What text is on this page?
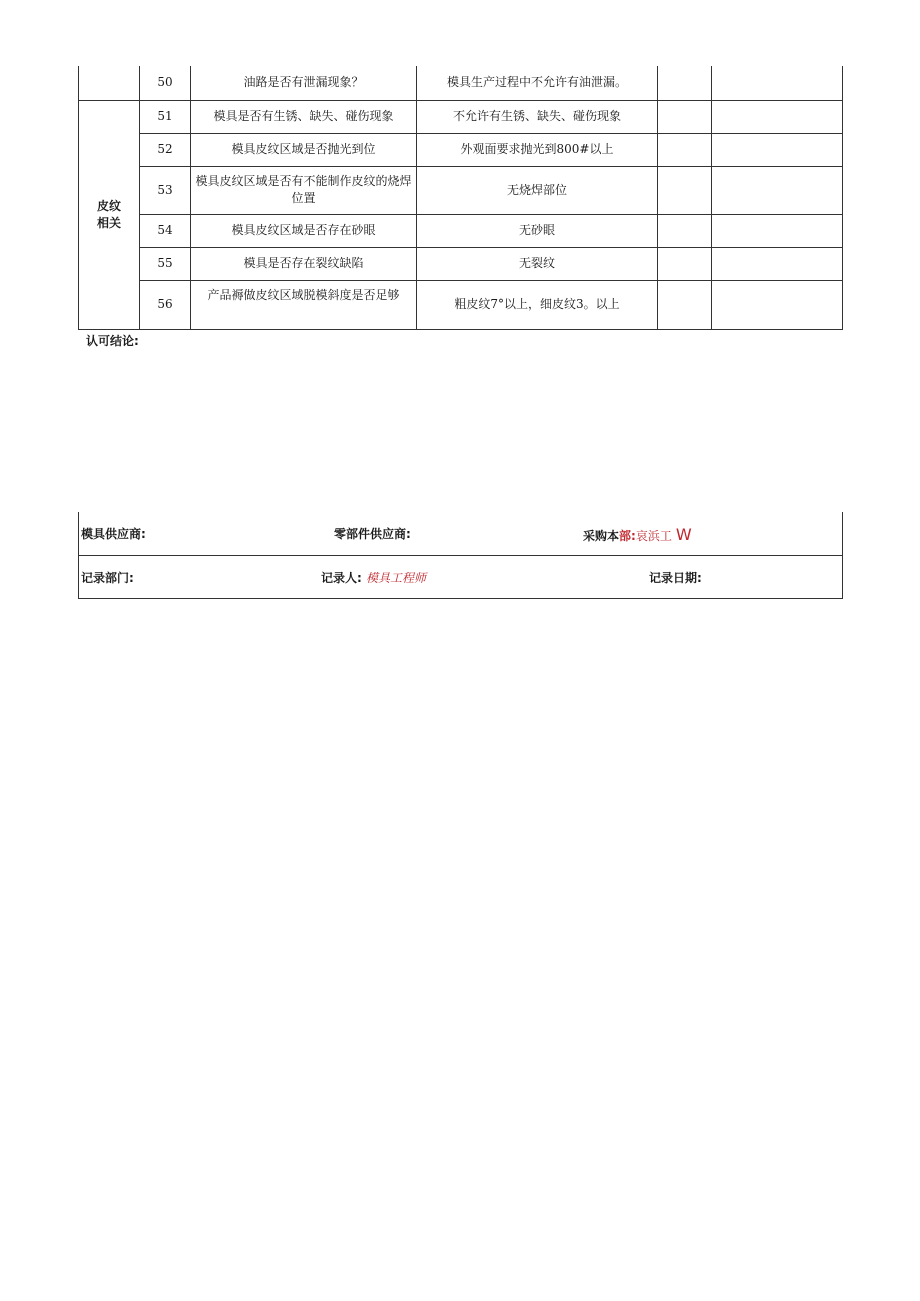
	50	油路是否有泄漏现象？	模具生产过程中不允许有油泄漏。		

皮纹
相关	51	模具是否有生锈、缺失、碰伤现象	不允许有生锈、缺失、碰伤现象		
	52	模具皮纹区域是否抛光到位	外观面要求抛光到800#以上		
	53	模具皮纹区域是否有不能制作皮纹的烧焊位置	无烧焊部位		
	54	模具皮纹区域是否存在砂眼	无砂眼		
	55	模具是否存在裂纹缺陷	无裂纹		
	56	产品褥做皮纹区域脱模斜度是否足够	粗皮纹7°以上，细皮纹3。以上		
认可结论:
模具供应商:	零部件供应商:	采购本部:哀浜工 W
记录部门:	记录人: 模具工程师	记录日期:
